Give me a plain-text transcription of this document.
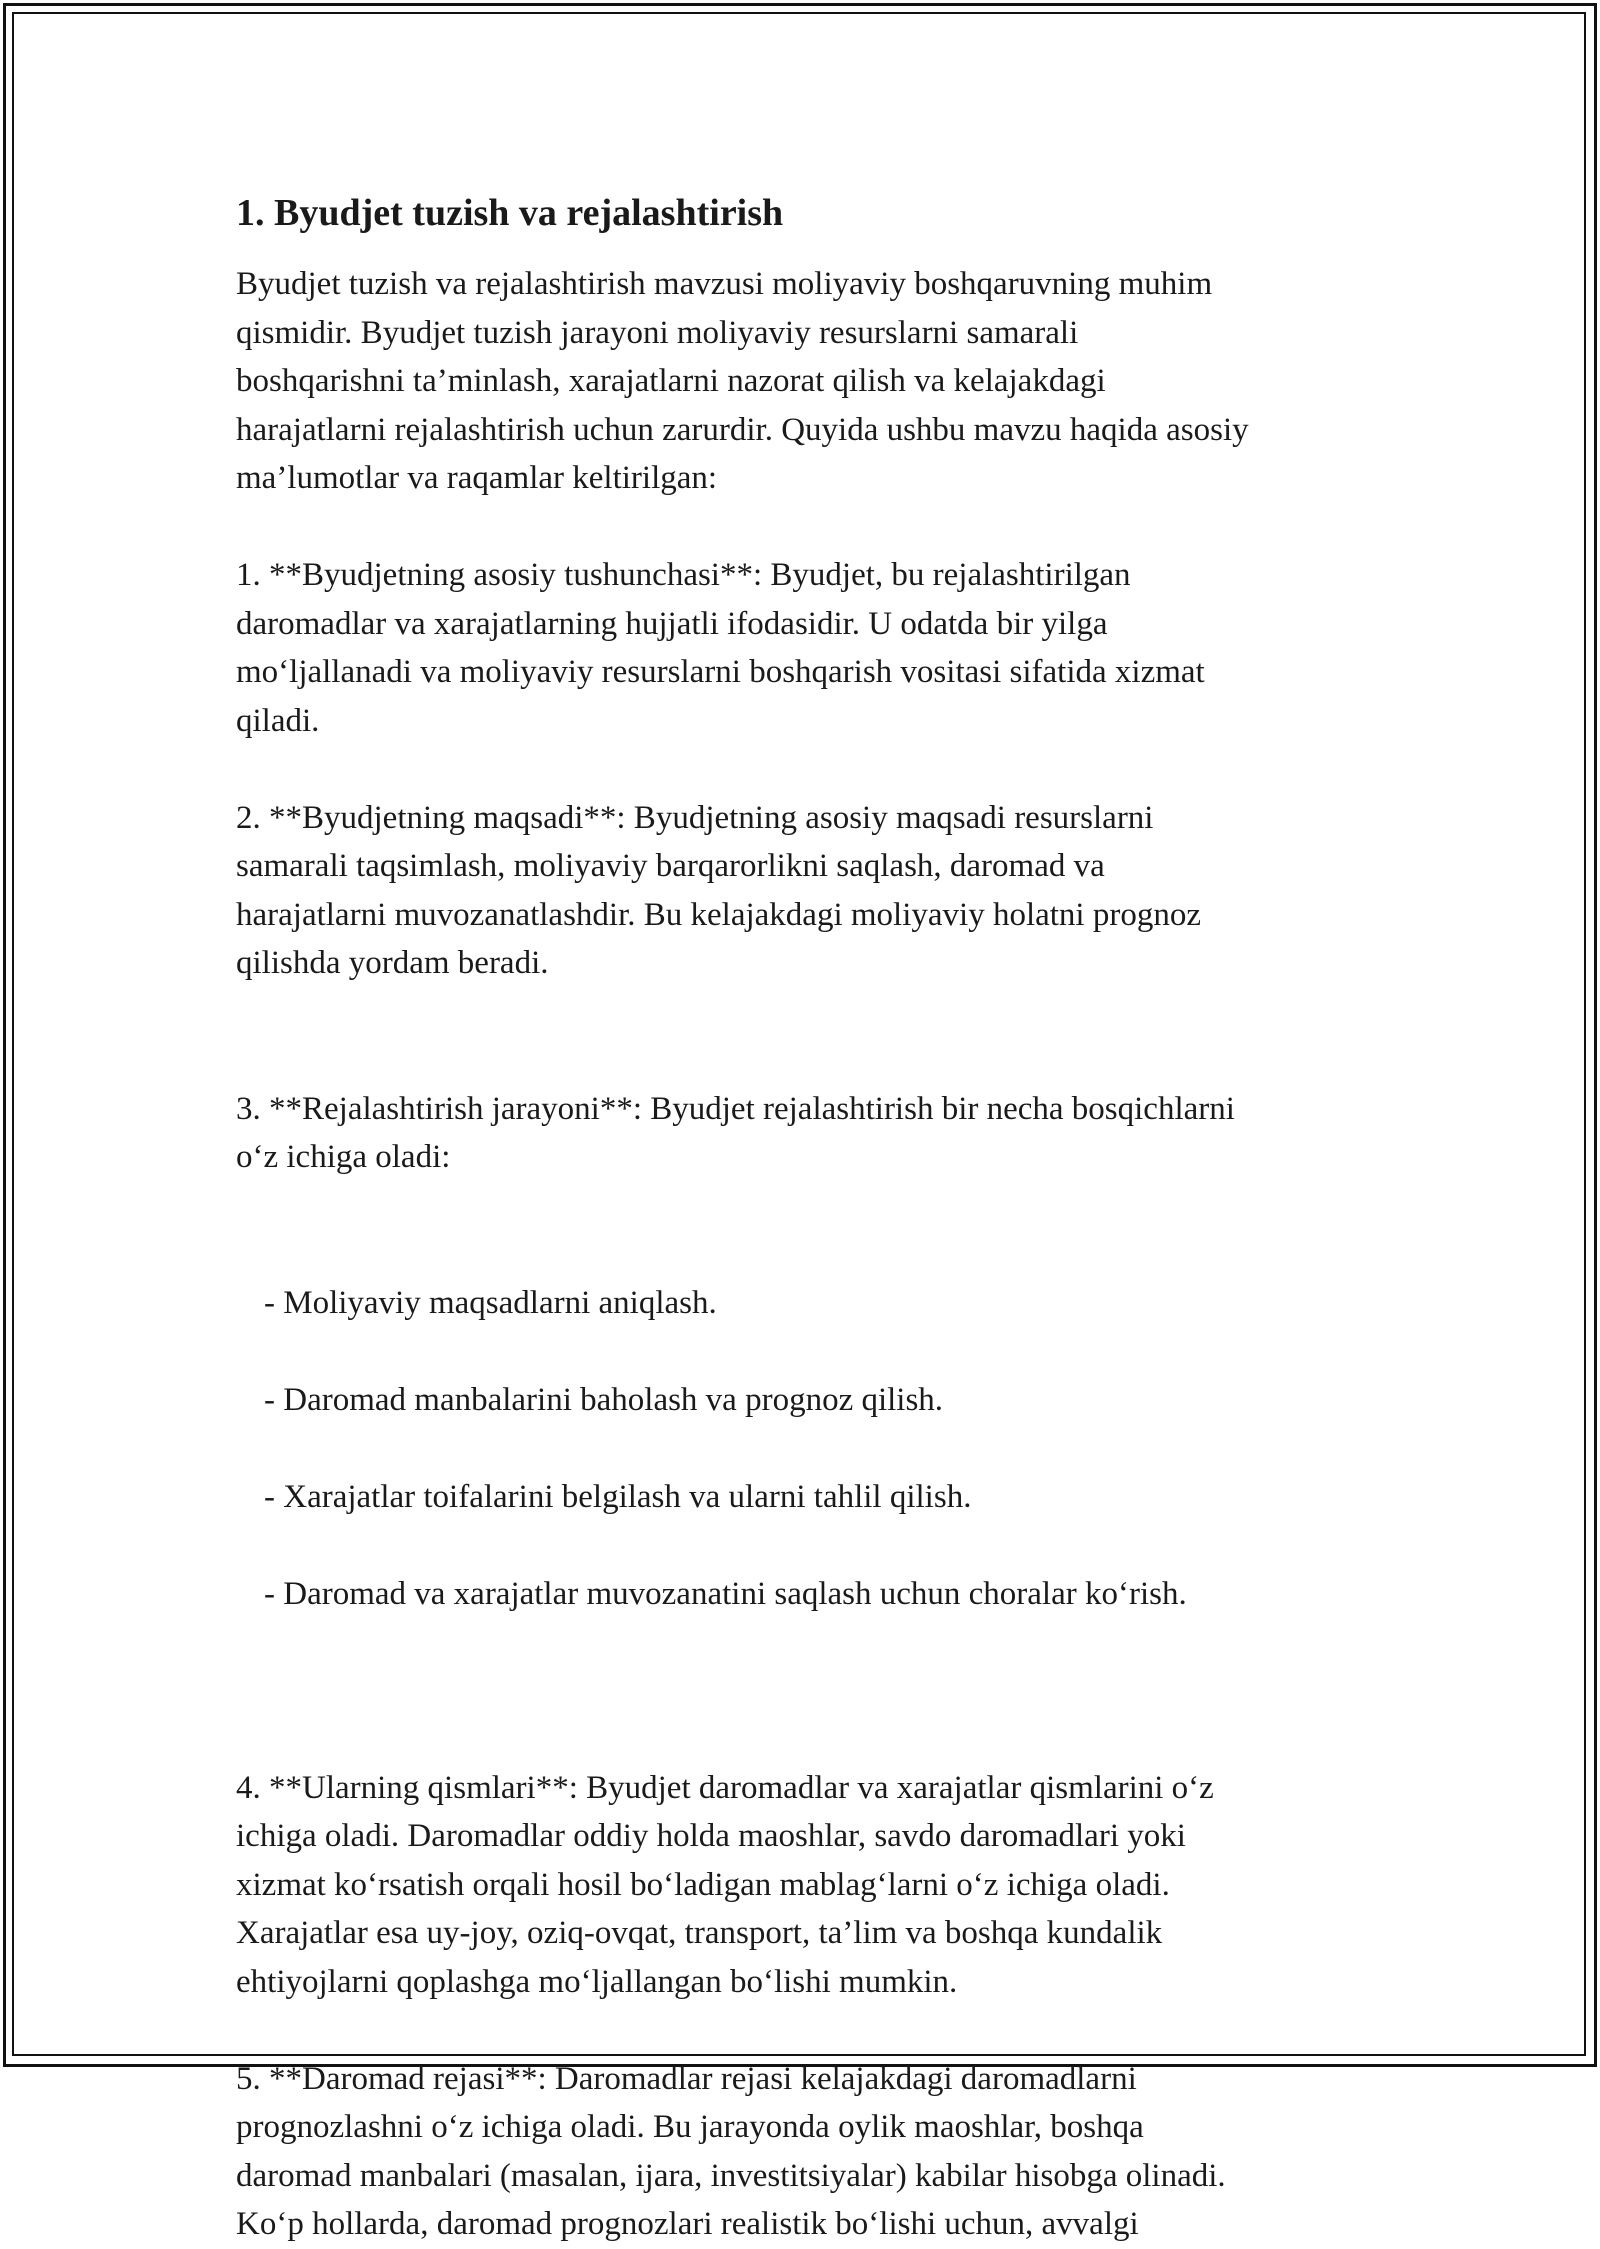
1. Byudjet tuzish va rejalashtirish

Byudjet tuzish va rejalashtirish mavzusi moliyaviy boshqaruvning muhim
qismidir. Byudjet tuzish jarayoni moliyaviy resurslarni samarali
boshqarishni ta’minlash, xarajatlarni nazorat qilish va kelajakdagi
harajatlarni rejalashtirish uchun zarurdir. Quyida ushbu mavzu haqida asosiy
ma’lumotlar va raqamlar keltirilgan:

1. **Byudjetning asosiy tushunchasi**: Byudjet, bu rejalashtirilgan
daromadlar va xarajatlarning hujjatli ifodasidir. U odatda bir yilga
mo‘ljallanadi va moliyaviy resurslarni boshqarish vositasi sifatida xizmat
qiladi.

2. **Byudjetning maqsadi**: Byudjetning asosiy maqsadi resurslarni
samarali taqsimlash, moliyaviy barqarorlikni saqlash, daromad va
harajatlarni muvozanatlashdir. Bu kelajakdagi moliyaviy holatni prognoz
qilishda yordam beradi.

3. **Rejalashtirish jarayoni**: Byudjet rejalashtirish bir necha bosqichlarni
o‘z ichiga oladi:

- Moliyaviy maqsadlarni aniqlash.

- Daromad manbalarini baholash va prognoz qilish.

- Xarajatlar toifalarini belgilash va ularni tahlil qilish.

- Daromad va xarajatlar muvozanatini saqlash uchun choralar ko‘rish.

4. **Ularning qismlari**: Byudjet daromadlar va xarajatlar qismlarini o‘z
ichiga oladi. Daromadlar oddiy holda maoshlar, savdo daromadlari yoki
xizmat ko‘rsatish orqali hosil bo‘ladigan mablag‘larni o‘z ichiga oladi.
Xarajatlar esa uy-joy, oziq-ovqat, transport, ta’lim va boshqa kundalik
ehtiyojlarni qoplashga mo‘ljallangan bo‘lishi mumkin.

5. **Daromad rejasi**: Daromadlar rejasi kelajakdagi daromadlarni
prognozlashni o‘z ichiga oladi. Bu jarayonda oylik maoshlar, boshqa
daromad manbalari (masalan, ijara, investitsiyalar) kabilar hisobga olinadi.
Ko‘p hollarda, daromad prognozlari realistik bo‘lishi uchun, avvalgi
